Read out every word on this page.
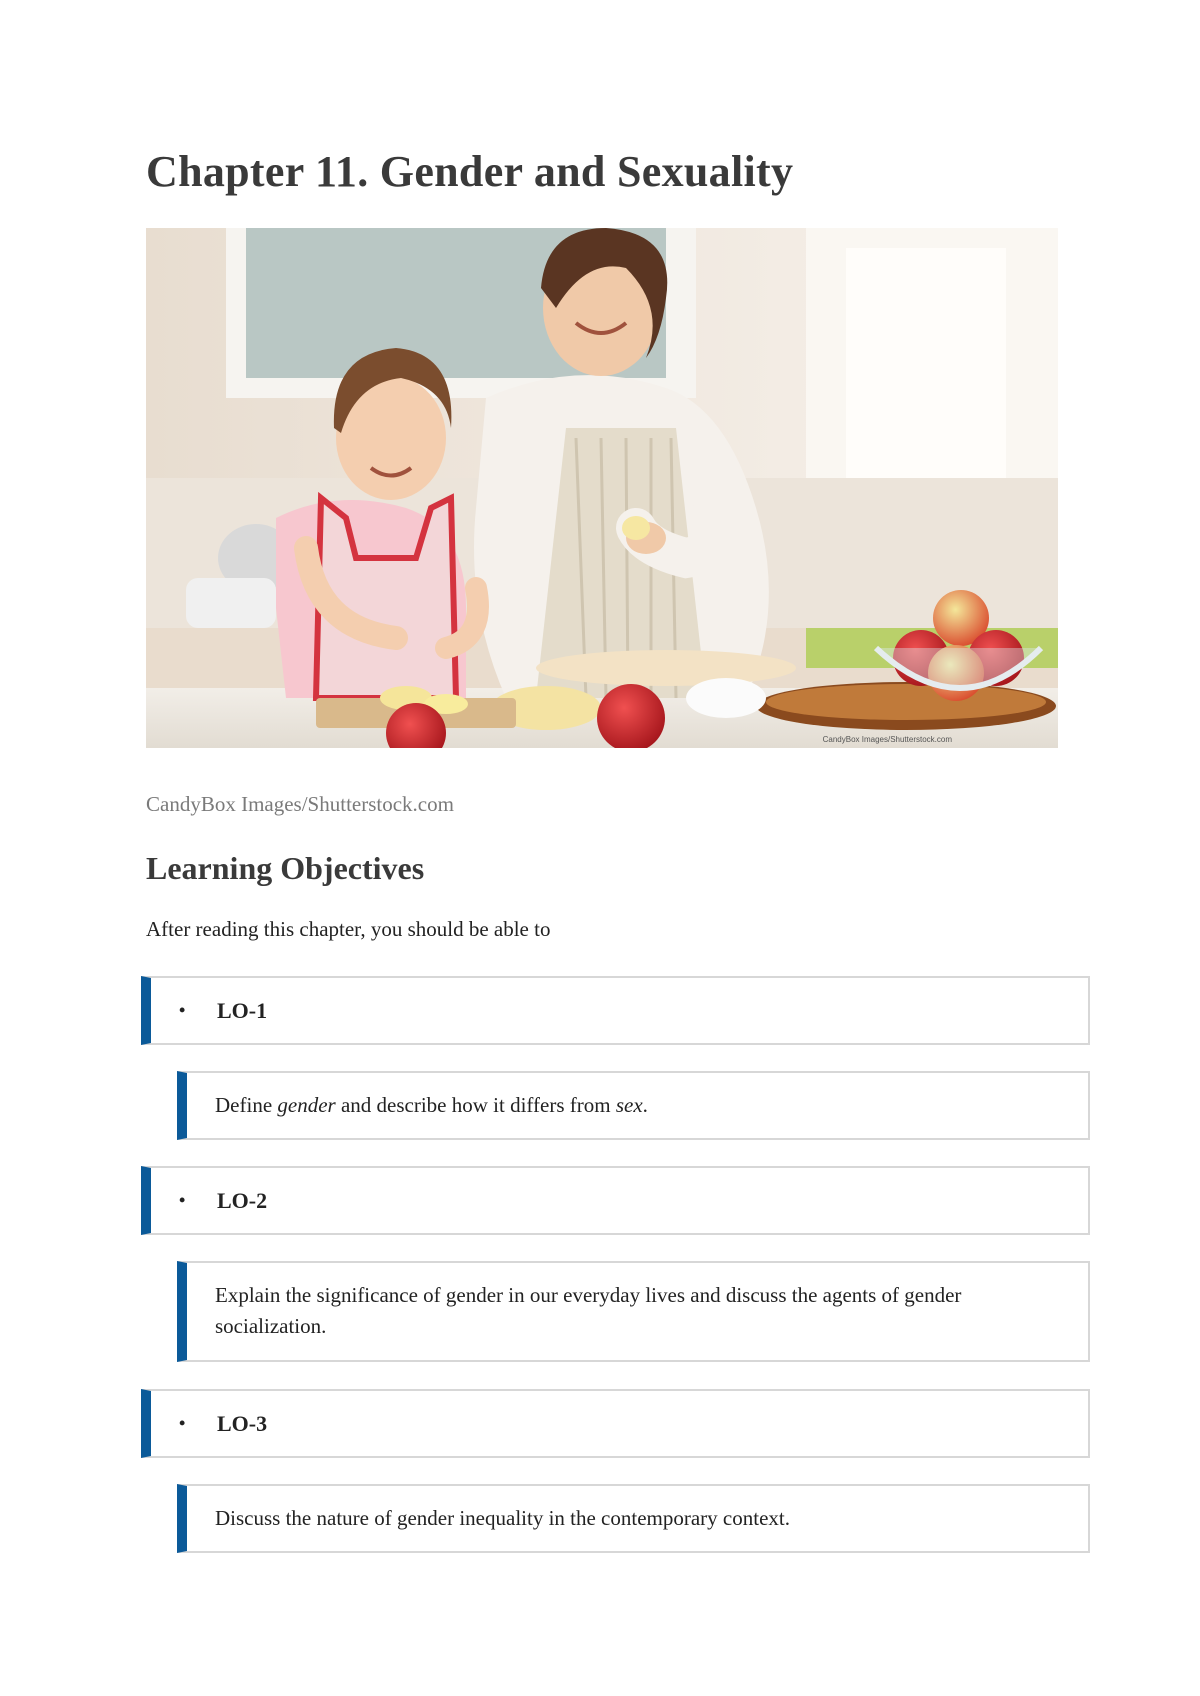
Chapter 11. Gender and Sexuality
CandyBox Images/Shutterstock.com

CandyBox Images/Shutterstock.com

Learning Objectives

After reading this chapter, you should be able to

•	LO-1
Define gender and describe how it differs from sex.
•	LO-2
Explain the significance of gender in our everyday lives and discuss the agents of gender socialization.
•	LO-3
Discuss the nature of gender inequality in the contemporary context.
